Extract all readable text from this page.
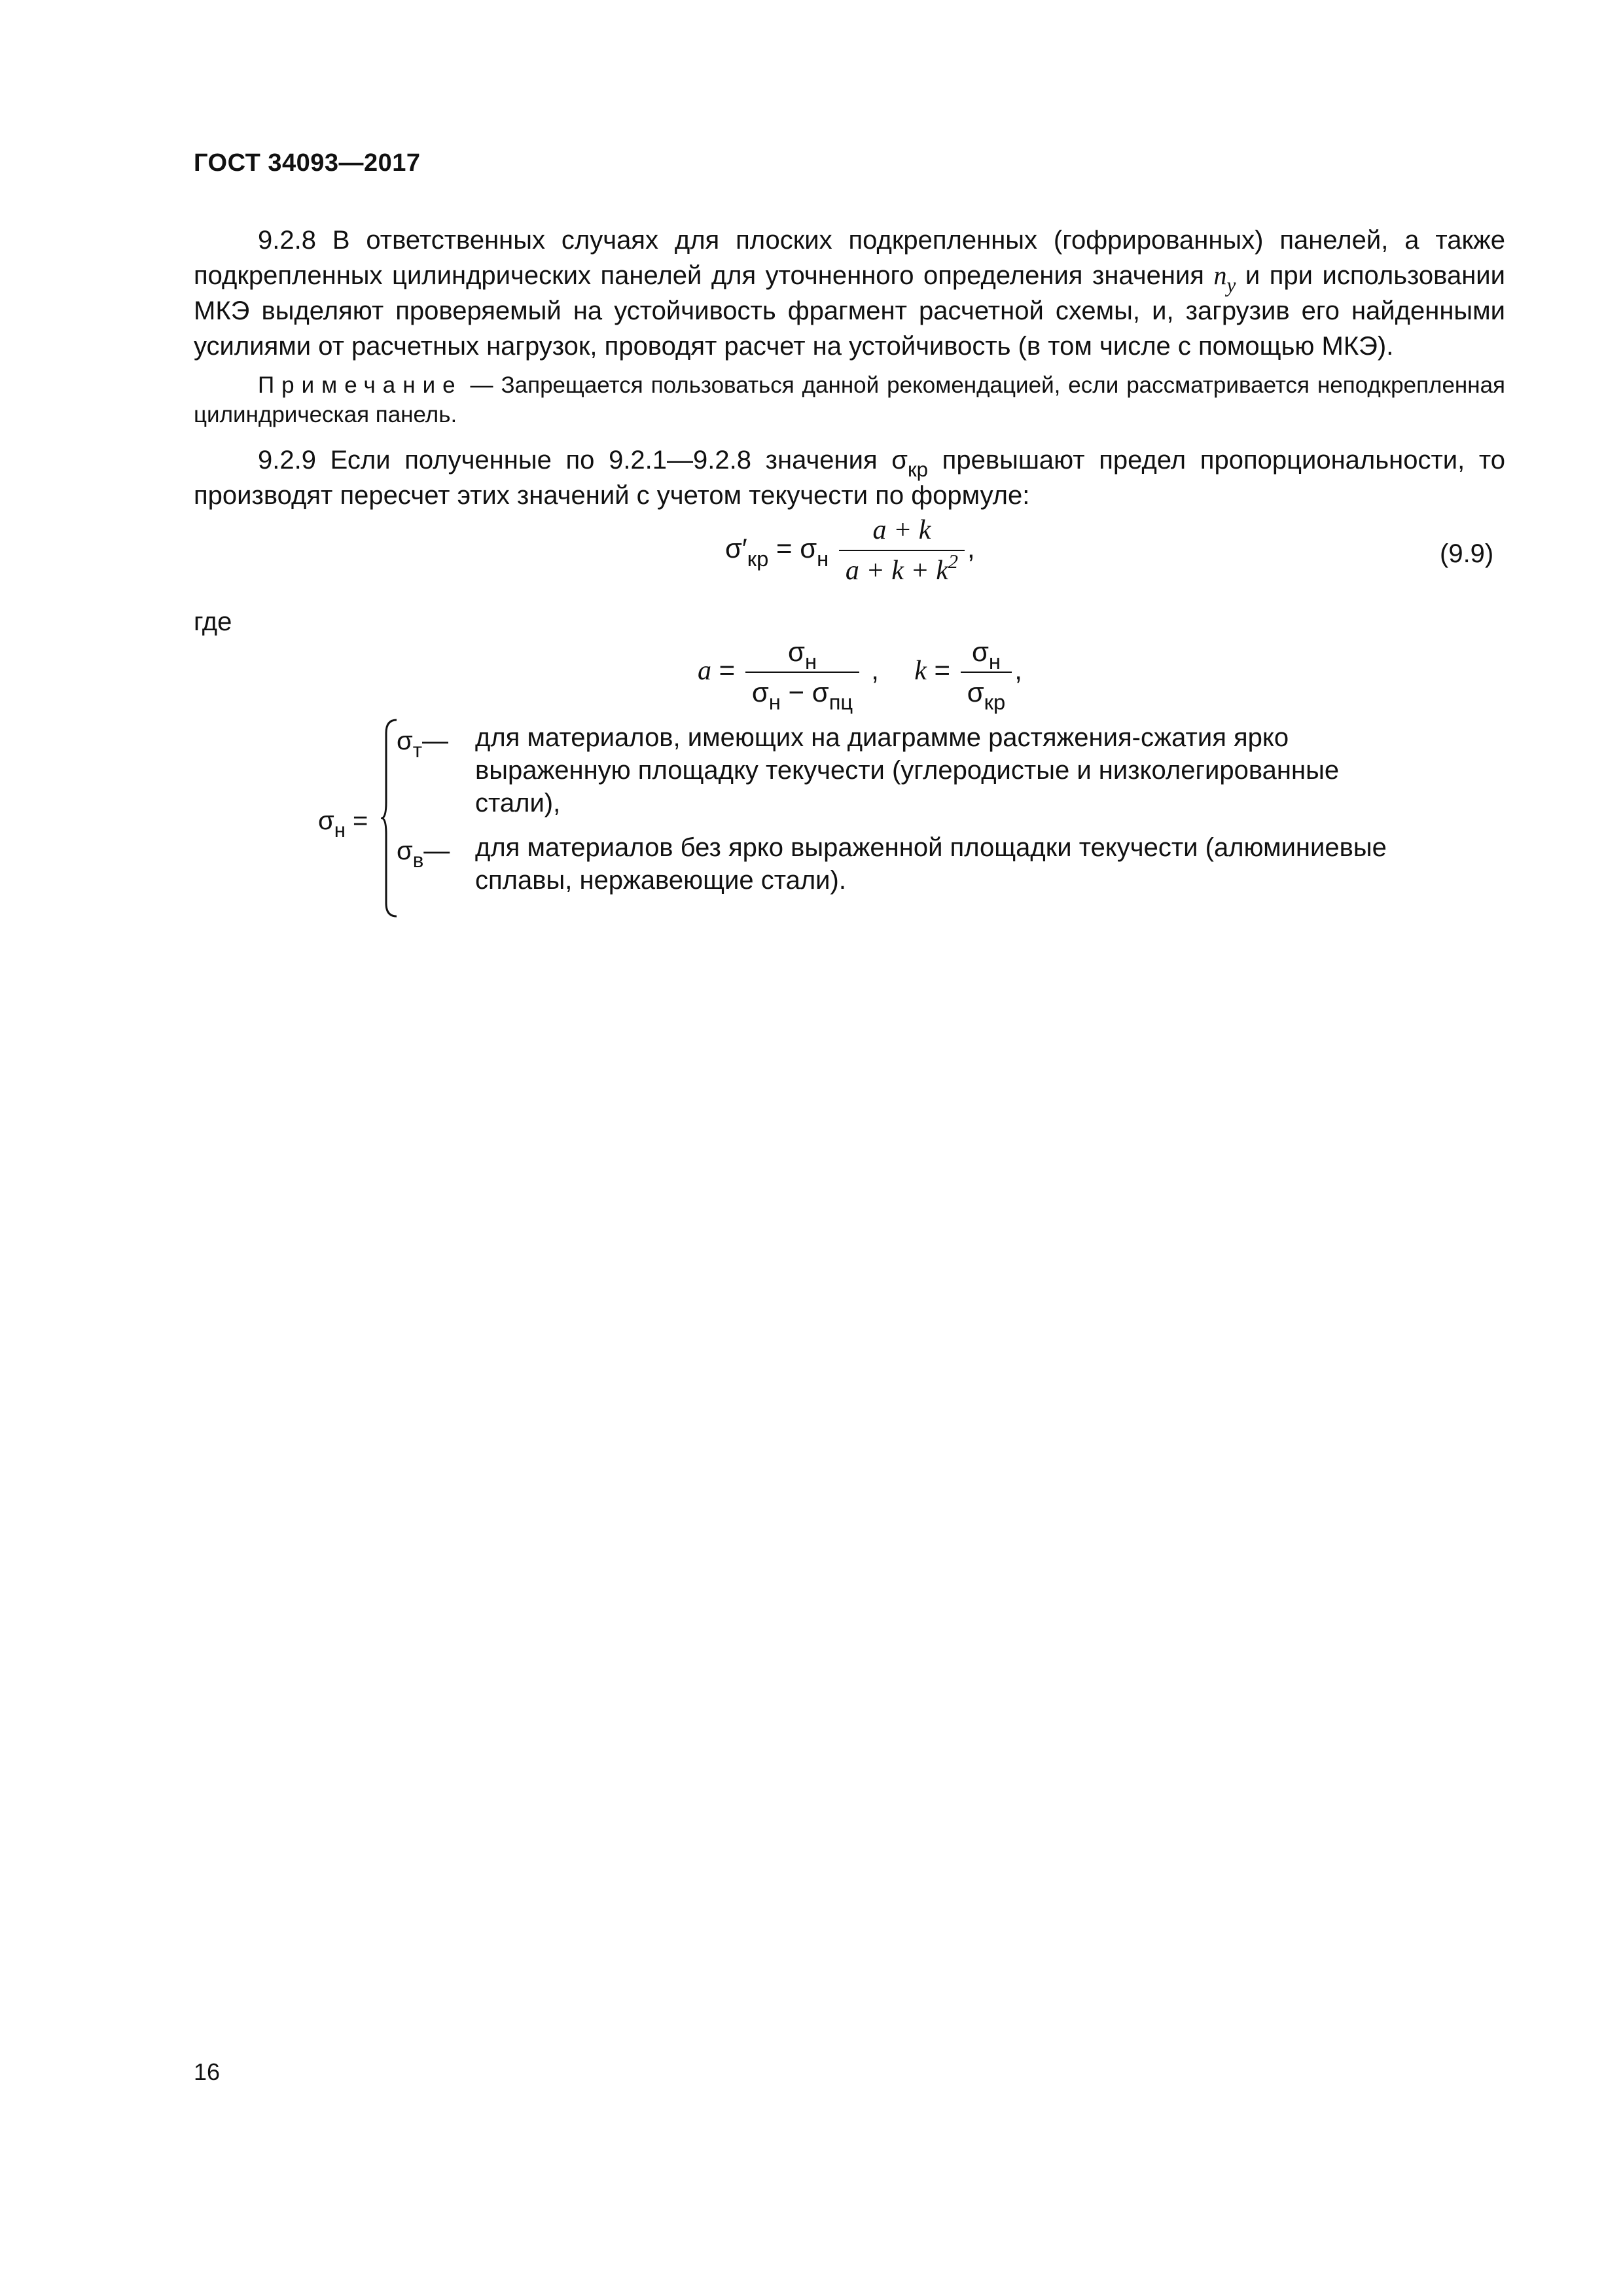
ГОСТ 34093—2017

9.2.8 В ответственных случаях для плоских подкрепленных (гофрированных) панелей, а также подкрепленных цилиндрических панелей для уточненного определения значения $n_y$ и при использовании МКЭ выделяют проверяемый на устойчивость фрагмент расчетной схемы, и, загрузив его найденными усилиями от расчетных нагрузок, проводят расчет на устойчивость (в том числе с помощью МКЭ).

Примечание — Запрещается пользоваться данной рекомендацией, если рассматривается неподкрепленная цилиндрическая панель.

9.2.9 Если полученные по 9.2.1—9.2.8 значения $\sigma_{кр}$ превышают предел пропорциональности, то производят пересчет этих значений с учетом текучести по формуле:

$\sigma'_{кр} = \sigma_н \frac{a + k}{a + k + k^2}$ ,	(9.9)
где
$a = \frac{\sigma_н}{\sigma_н - \sigma_{пц}}$ , $k = \frac{\sigma_н}{\sigma_{кр}}$ ,
$\sigma_н$ =
$\sigma_т—$ для материалов, имеющих на диаграмме растяжения-сжатия ярко выраженную площадку текучести (углеродистые и низколегированные стали),

$\sigma_в—$ для материалов без ярко выраженной площадки текучести (алюминиевые сплавы, нержавеющие стали).

16
